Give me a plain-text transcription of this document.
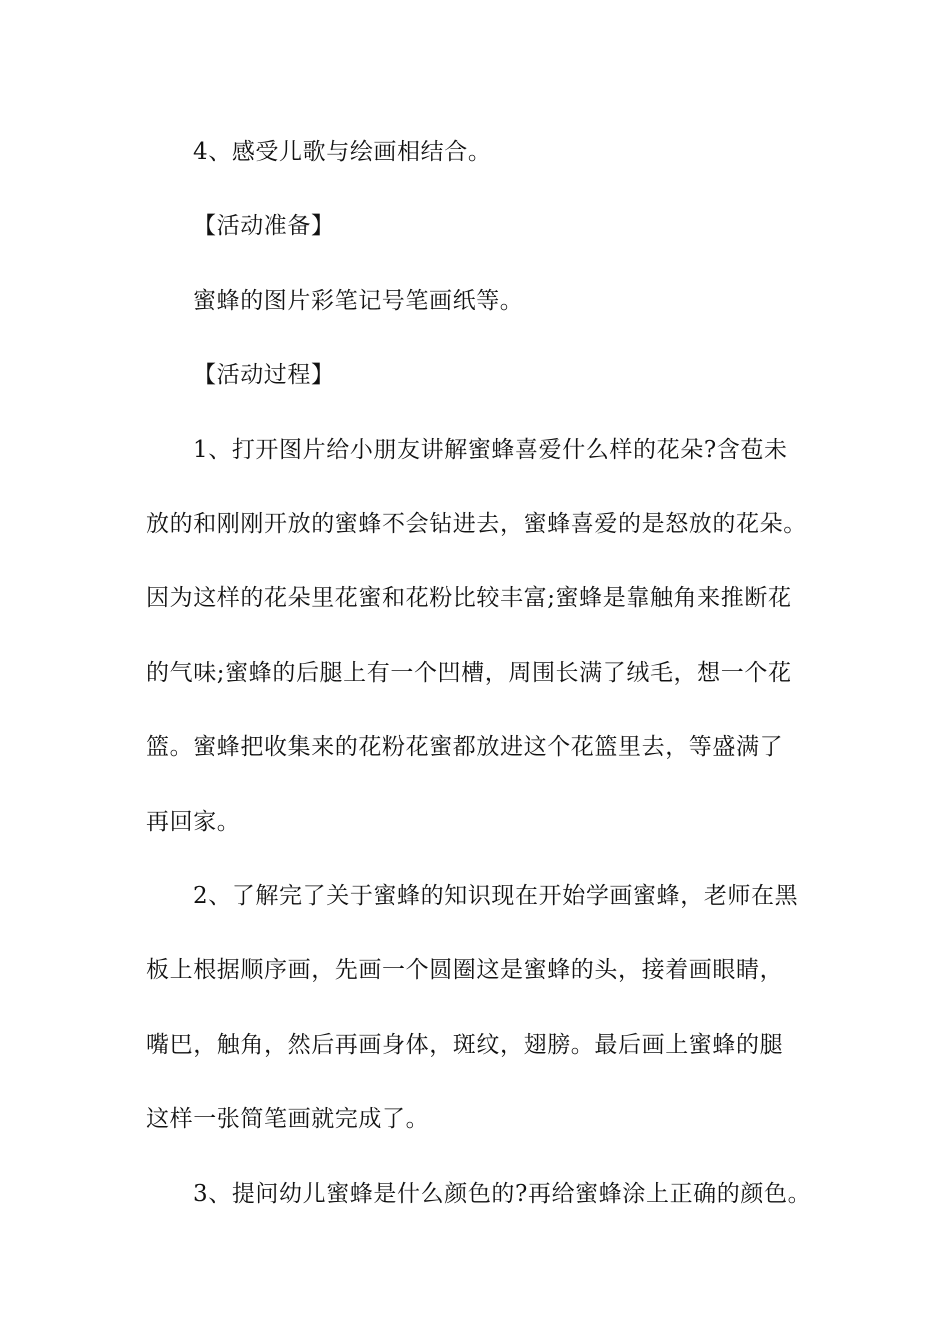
4、感受儿歌与绘画相结合。
【活动准备】
蜜蜂的图片彩笔记号笔画纸等。
【活动过程】
1、打开图片给小朋友讲解蜜蜂喜爱什么样的花朵?含苞未
放的和刚刚开放的蜜蜂不会钻进去，蜜蜂喜爱的是怒放的花朵。
因为这样的花朵里花蜜和花粉比较丰富;蜜蜂是靠触角来推断花
的气味;蜜蜂的后腿上有一个凹槽，周围长满了绒毛，想一个花
篮。蜜蜂把收集来的花粉花蜜都放进这个花篮里去，等盛满了
再回家。
2、了解完了关于蜜蜂的知识现在开始学画蜜蜂，老师在黑
板上根据顺序画，先画一个圆圈这是蜜蜂的头，接着画眼睛，
嘴巴，触角，然后再画身体，斑纹，翅膀。最后画上蜜蜂的腿
这样一张简笔画就完成了。
3、提问幼儿蜜蜂是什么颜色的?再给蜜蜂涂上正确的颜色。
